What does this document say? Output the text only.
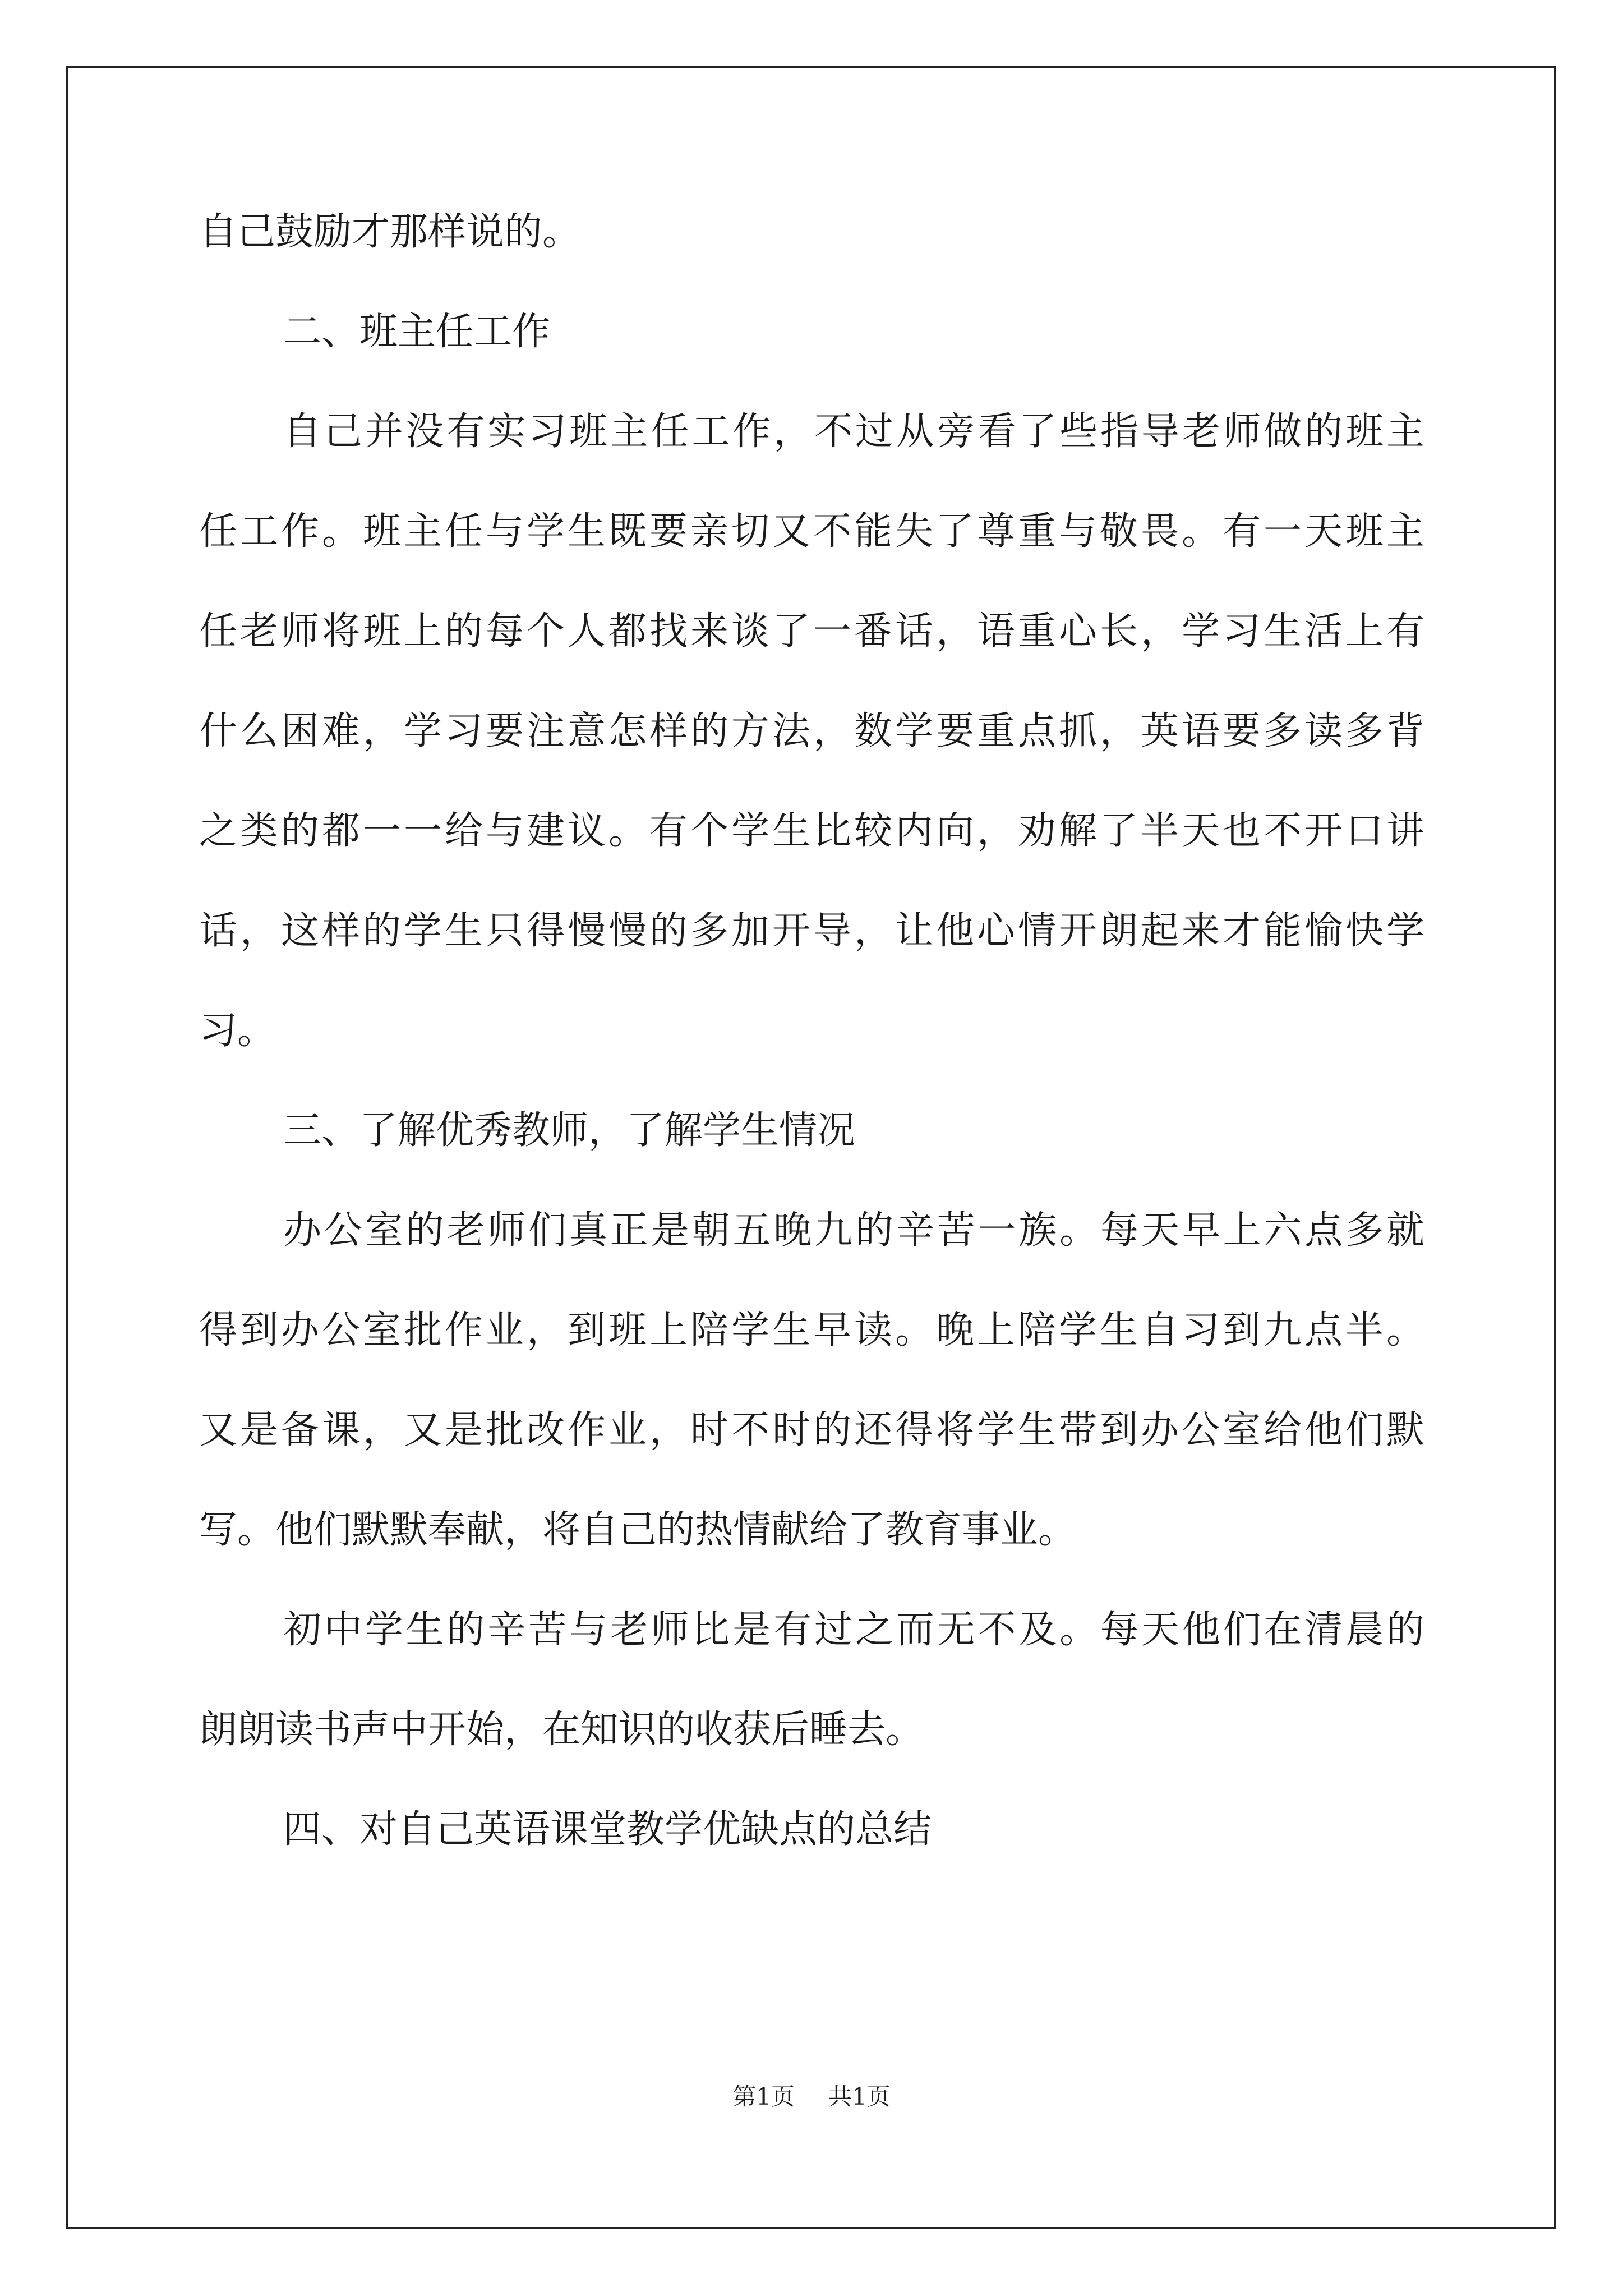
自己鼓励才那样说的。
二、班主任工作
自己并没有实习班主任工作，不过从旁看了些指导老师做的班主
任工作。班主任与学生既要亲切又不能失了尊重与敬畏。有一天班主
任老师将班上的每个人都找来谈了一番话，语重心长，学习生活上有
什么困难，学习要注意怎样的方法，数学要重点抓，英语要多读多背
之类的都一一给与建议。有个学生比较内向，劝解了半天也不开口讲
话，这样的学生只得慢慢的多加开导，让他心情开朗起来才能愉快学
习。
三、了解优秀教师，了解学生情况
办公室的老师们真正是朝五晚九的辛苦一族。每天早上六点多就
得到办公室批作业，到班上陪学生早读。晚上陪学生自习到九点半。
又是备课，又是批改作业，时不时的还得将学生带到办公室给他们默
写。他们默默奉献，将自己的热情献给了教育事业。
初中学生的辛苦与老师比是有过之而无不及。每天他们在清晨的
朗朗读书声中开始，在知识的收获后睡去。
四、对自己英语课堂教学优缺点的总结
第1页 共1页
